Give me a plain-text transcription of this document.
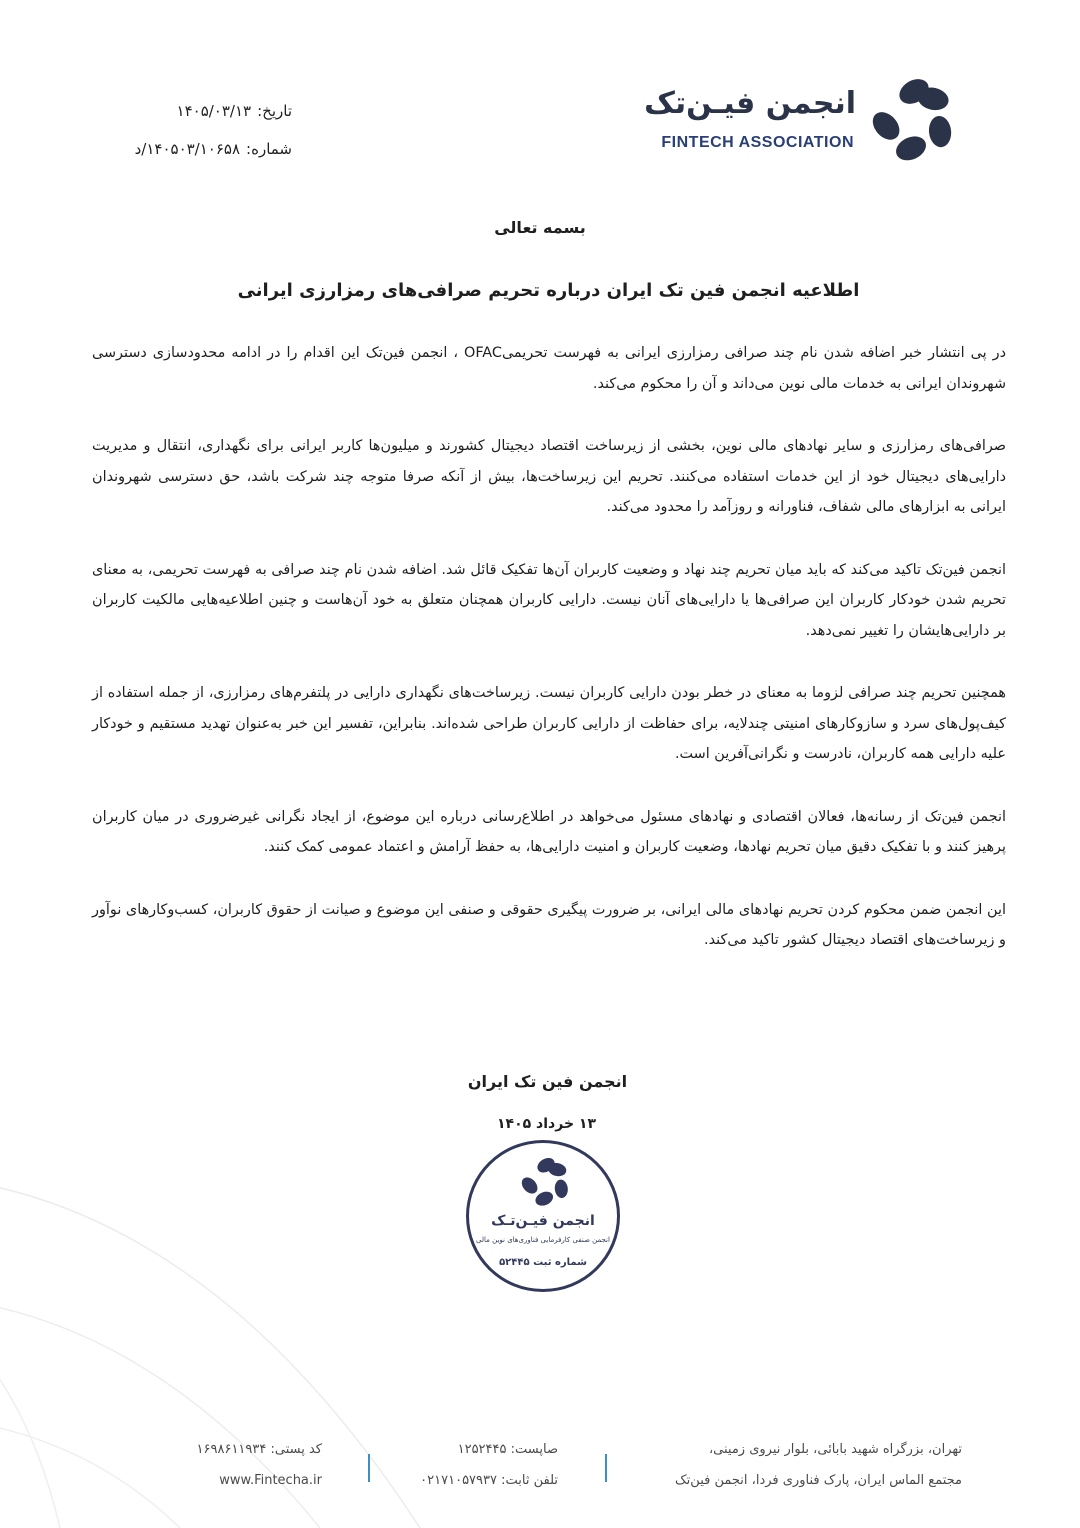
انجمن فیـن‌تک
FINTECH ASSOCIATION
تاریخ:۱۴۰۵/۰۳/۱۳
شماره:۱۴۰۵۰۳/۱۰۶۵۸/د
بسمه تعالی
اطلاعیه انجمن فین تک ایران درباره تحریم صرافی‌های رمزارزی ایرانی

در پی انتشار خبر اضافه شدن نام چند صرافی رمزارزی ایرانی به فهرست تحریمیOFAC ، انجمن فین‌تک این اقدام را در ادامه محدودسازی دسترسی شهروندان ایرانی به خدمات مالی نوین می‌داند و آن را محکوم می‌کند.

صرافی‌های رمزارزی و سایر نهادهای مالی نوین، بخشی از زیرساخت اقتصاد دیجیتال کشورند و میلیون‌ها کاربر ایرانی برای نگهداری، انتقال و مدیریت دارایی‌های دیجیتال خود از این خدمات استفاده می‌کنند. تحریم این زیرساخت‌ها، بیش از آنکه صرفا متوجه چند شرکت باشد، حق دسترسی شهروندان ایرانی به ابزارهای مالی شفاف، فناورانه و روزآمد را محدود می‌کند.

انجمن فین‌تک تاکید می‌کند که باید میان تحریم چند نهاد و وضعیت کاربران آن‌ها تفکیک قائل شد. اضافه شدن نام چند صرافی به فهرست تحریمی، به معنای تحریم شدن خودکار کاربران این صرافی‌ها یا دارایی‌های آنان نیست. دارایی کاربران همچنان متعلق به خود آن‌هاست و چنین اطلاعیه‌هایی مالکیت کاربران بر دارایی‌هایشان را تغییر نمی‌دهد.

همچنین تحریم چند صرافی لزوما به معنای در خطر بودن دارایی کاربران نیست. زیرساخت‌های نگهداری دارایی در پلتفرم‌های رمزارزی، از جمله استفاده از کیف‌پول‌های سرد و سازوکارهای امنیتی چندلایه، برای حفاظت از دارایی کاربران طراحی شده‌اند. بنابراین، تفسیر این خبر به‌عنوان تهدید مستقیم و خودکار علیه دارایی همه کاربران، نادرست و نگرانی‌آفرین است.

انجمن فین‌تک از رسانه‌ها، فعالان اقتصادی و نهادهای مسئول می‌خواهد در اطلاع‌رسانی درباره این موضوع، از ایجاد نگرانی غیرضروری در میان کاربران پرهیز کنند و با تفکیک دقیق میان تحریم نهادها، وضعیت کاربران و امنیت دارایی‌ها، به حفظ آرامش و اعتماد عمومی کمک کنند.

این انجمن ضمن محکوم کردن تحریم نهادهای مالی ایرانی، بر ضرورت پیگیری حقوقی و صنفی این موضوع و صیانت از حقوق کاربران، کسب‌وکارهای نوآور و زیرساخت‌های اقتصاد دیجیتال کشور تاکید می‌کند.

انجمن فین تک ایران
۱۳ خرداد ۱۴۰۵
انجمن فیـن‌تـک
انجمن صنفی کارفرمایی فناوری‌های نوین مالی
شماره ثبت ۵۲۴۴۵
تهران، بزرگراه شهید بابائی، بلوار نیروی زمینی،
مجتمع الماس ایران، پارک فناوری فردا، انجمن فین‌تک
صاپست: ۱۲۵۲۴۴۵
تلفن ثابت: ۰۲۱۷۱۰۵۷۹۳۷
کد پستی: ۱۶۹۸۶۱۱۹۳۴
www.Fintecha.ir
